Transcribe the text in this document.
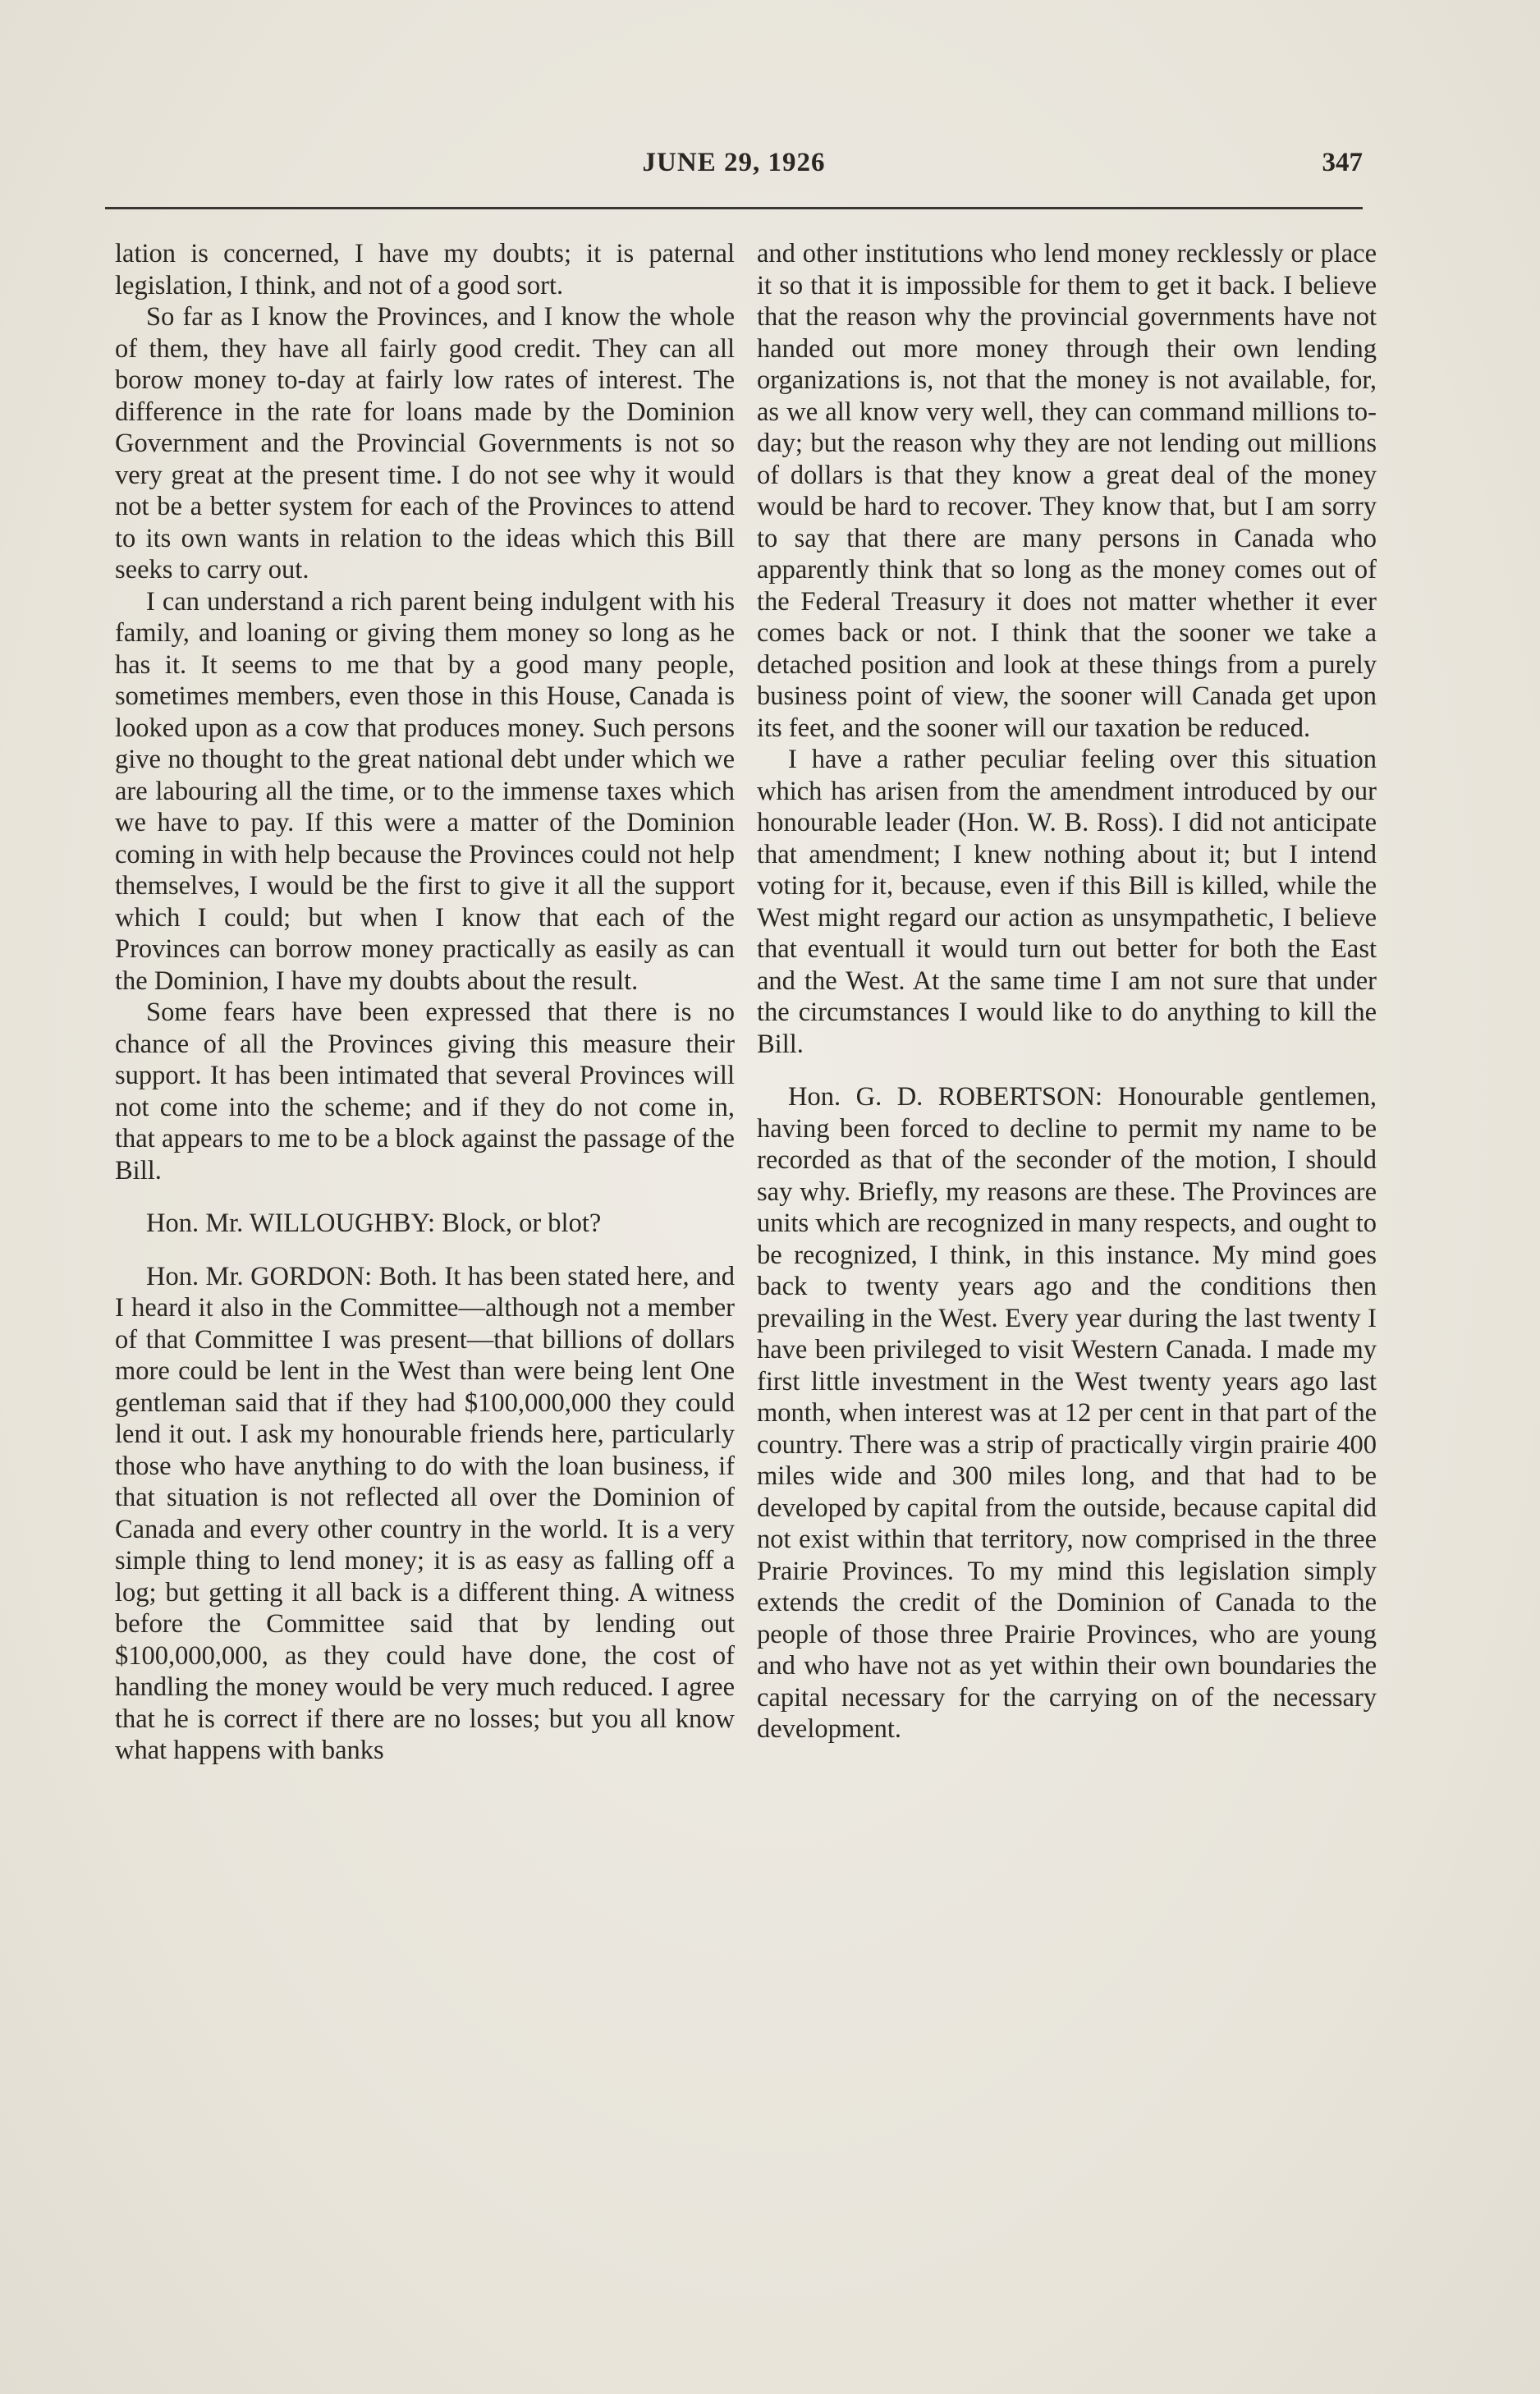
JUNE 29, 1926	347

lation is concerned, I have my doubts; it is paternal legislation, I think, and not of a good sort.

So far as I know the Provinces, and I know the whole of them, they have all fairly good credit. They can all borow money to-day at fairly low rates of interest. The difference in the rate for loans made by the Dominion Government and the Provincial Governments is not so very great at the present time. I do not see why it would not be a better system for each of the Provinces to attend to its own wants in relation to the ideas which this Bill seeks to carry out.

I can understand a rich parent being indulgent with his family, and loaning or giving them money so long as he has it. It seems to me that by a good many people, sometimes members, even those in this House, Canada is looked upon as a cow that produces money. Such persons give no thought to the great national debt under which we are labouring all the time, or to the immense taxes which we have to pay. If this were a matter of the Dominion coming in with help because the Provinces could not help themselves, I would be the first to give it all the support which I could; but when I know that each of the Provinces can borrow money practically as easily as can the Dominion, I have my doubts about the result.

Some fears have been expressed that there is no chance of all the Provinces giving this measure their support. It has been intimated that several Provinces will not come into the scheme; and if they do not come in, that appears to me to be a block against the passage of the Bill.

Hon. Mr. WILLOUGHBY: Block, or blot?

Hon. Mr. GORDON: Both. It has been stated here, and I heard it also in the Committee—although not a member of that Committee I was present—that billions of dollars more could be lent in the West than were being lent One gentleman said that if they had $100,000,000 they could lend it out. I ask my honourable friends here, particularly those who have anything to do with the loan business, if that situation is not reflected all over the Dominion of Canada and every other country in the world. It is a very simple thing to lend money; it is as easy as falling off a log; but getting it all back is a different thing. A witness before the Committee said that by lending out $100,000,000, as they could have done, the cost of handling the money would be very much reduced. I agree that he is correct if there are no losses; but you all know what happens with banks

and other institutions who lend money recklessly or place it so that it is impossible for them to get it back. I believe that the reason why the provincial governments have not handed out more money through their own lending organizations is, not that the money is not available, for, as we all know very well, they can command millions to-day; but the reason why they are not lending out millions of dollars is that they know a great deal of the money would be hard to recover. They know that, but I am sorry to say that there are many persons in Canada who apparently think that so long as the money comes out of the Federal Treasury it does not matter whether it ever comes back or not. I think that the sooner we take a detached position and look at these things from a purely business point of view, the sooner will Canada get upon its feet, and the sooner will our taxation be reduced.

I have a rather peculiar feeling over this situation which has arisen from the amendment introduced by our honourable leader (Hon. W. B. Ross). I did not anticipate that amendment; I knew nothing about it; but I intend voting for it, because, even if this Bill is killed, while the West might regard our action as unsympathetic, I believe that eventuall it would turn out better for both the East and the West. At the same time I am not sure that under the circumstances I would like to do anything to kill the Bill.

Hon. G. D. ROBERTSON: Honourable gentlemen, having been forced to decline to permit my name to be recorded as that of the seconder of the motion, I should say why. Briefly, my reasons are these. The Provinces are units which are recognized in many respects, and ought to be recognized, I think, in this instance. My mind goes back to twenty years ago and the conditions then prevailing in the West. Every year during the last twenty I have been privileged to visit Western Canada. I made my first little investment in the West twenty years ago last month, when interest was at 12 per cent in that part of the country. There was a strip of practically virgin prairie 400 miles wide and 300 miles long, and that had to be developed by capital from the outside, because capital did not exist within that territory, now comprised in the three Prairie Provinces. To my mind this legislation simply extends the credit of the Dominion of Canada to the people of those three Prairie Provinces, who are young and who have not as yet within their own boundaries the capital necessary for the carrying on of the necessary development.
